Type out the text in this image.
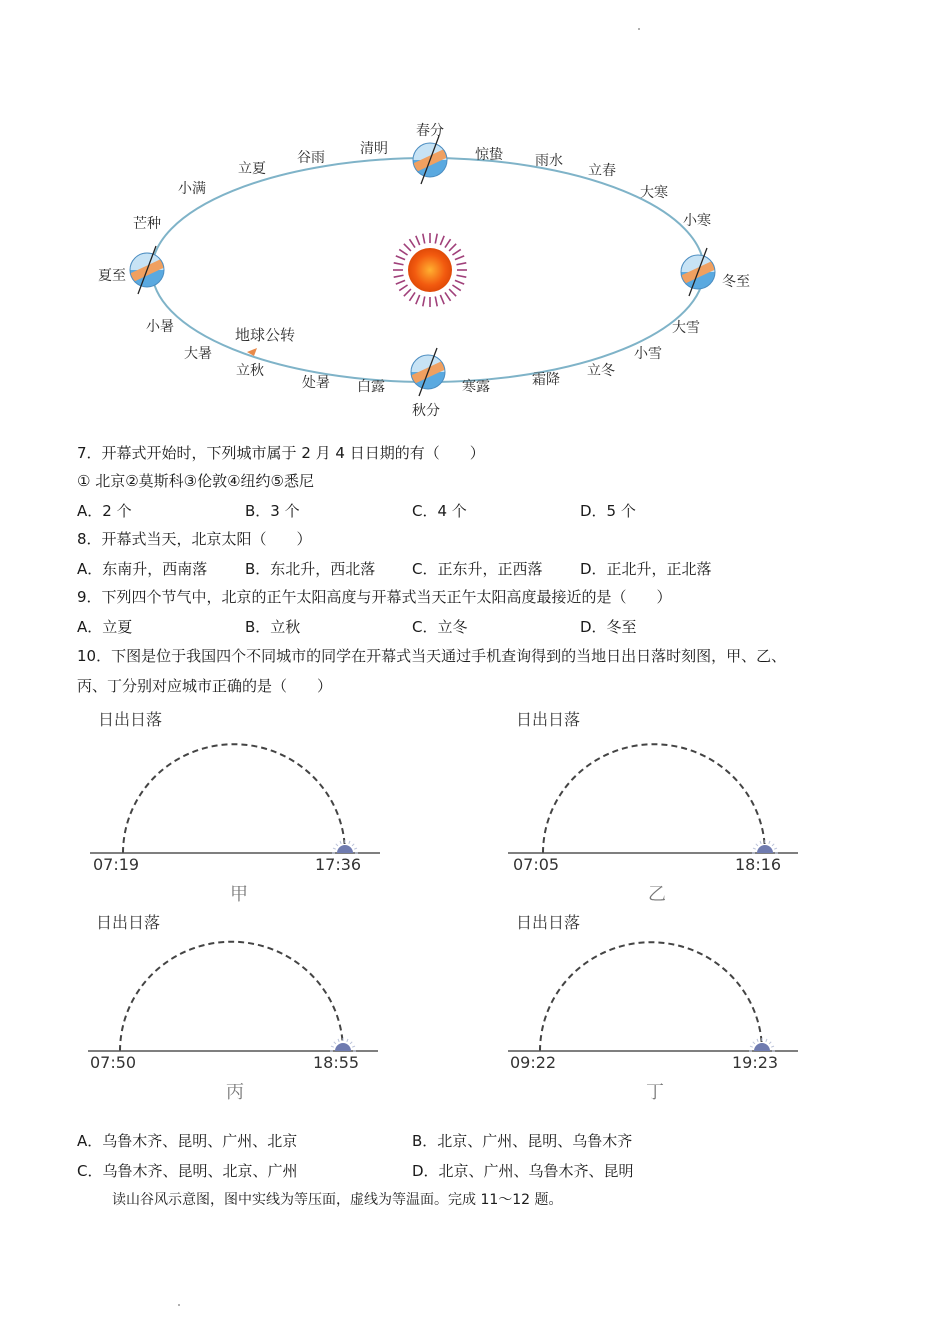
春分
惊蛰 雨水
立春
大寒
小寒
冬至
大雪
小雪
立冬
霜降
寒露
秋分
白露
处暑
立秋
大暑
小暑
夏至
芒种
小满
立夏
谷雨
清明
地球公转
7．开幕式开始时，下列城市属于 2 月 4 日日期的有（　　）
① 北京②莫斯科③伦敦④纽约⑤悉尼
A．2 个	B．3 个	C．4 个	D．5 个
8．开幕式当天，北京太阳（　　）
A．东南升，西南落	B．东北升，西北落 C．正东升，正西落	D．正北升，正北落
9．下列四个节气中，北京的正午太阳高度与开幕式当天正午太阳高度最接近的是（　　）
A．立夏	B．立秋	C．立冬	D．冬至
10．下图是位于我国四个不同城市的同学在开幕式当天通过手机查询得到的当地日出日落时刻图，甲、乙、
丙、丁分别对应城市正确的是（　　）
日出日落
07:19	17:36
甲
日出日落
07:05	18:16
乙
日出日落
07:50	18:55
丙
日出日落
09:22	19:23
丁
A．乌鲁木齐、昆明、广州、北京	B．北京、广州、昆明、乌鲁木齐
C．乌鲁木齐、昆明、北京、广州	D．北京、广州、乌鲁木齐、昆明
读山谷风示意图，图中实线为等压面，虚线为等温面。完成 11～12 题。
